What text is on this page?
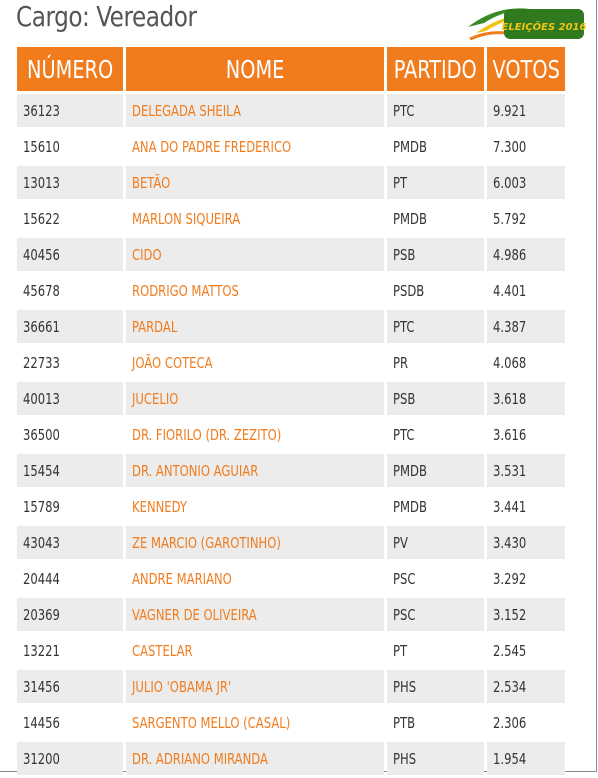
Cargo: Vereador	ELEIÇÕES 2016
NÚMERO	NOME	PARTIDO	VOTOS
36123	DELEGADA SHEILA	PTC	9.921
15610	ANA DO PADRE FREDERICO	PMDB	7.300
13013	BETÃO	PT	6.003
15622	MARLON SIQUEIRA	PMDB	5.792
40456	CIDO	PSB	4.986
45678	RODRIGO MATTOS	PSDB	4.401
36661	PARDAL	PTC	4.387
22733	JOÃO COTECA	PR	4.068
40013	JUCELIO	PSB	3.618
36500	DR. FIORILO (DR. ZEZITO)	PTC	3.616
15454	DR. ANTONIO AGUIAR	PMDB	3.531
15789	KENNEDY	PMDB	3.441
43043	ZE MARCIO (GAROTINHO)	PV	3.430
20444	ANDRE MARIANO	PSC	3.292
20369	VAGNER DE OLIVEIRA	PSC	3.152
13221	CASTELAR	PT	2.545
31456	JULIO 'OBAMA JR'	PHS	2.534
14456	SARGENTO MELLO (CASAL)	PTB	2.306
31200	DR. ADRIANO MIRANDA	PHS	1.954
